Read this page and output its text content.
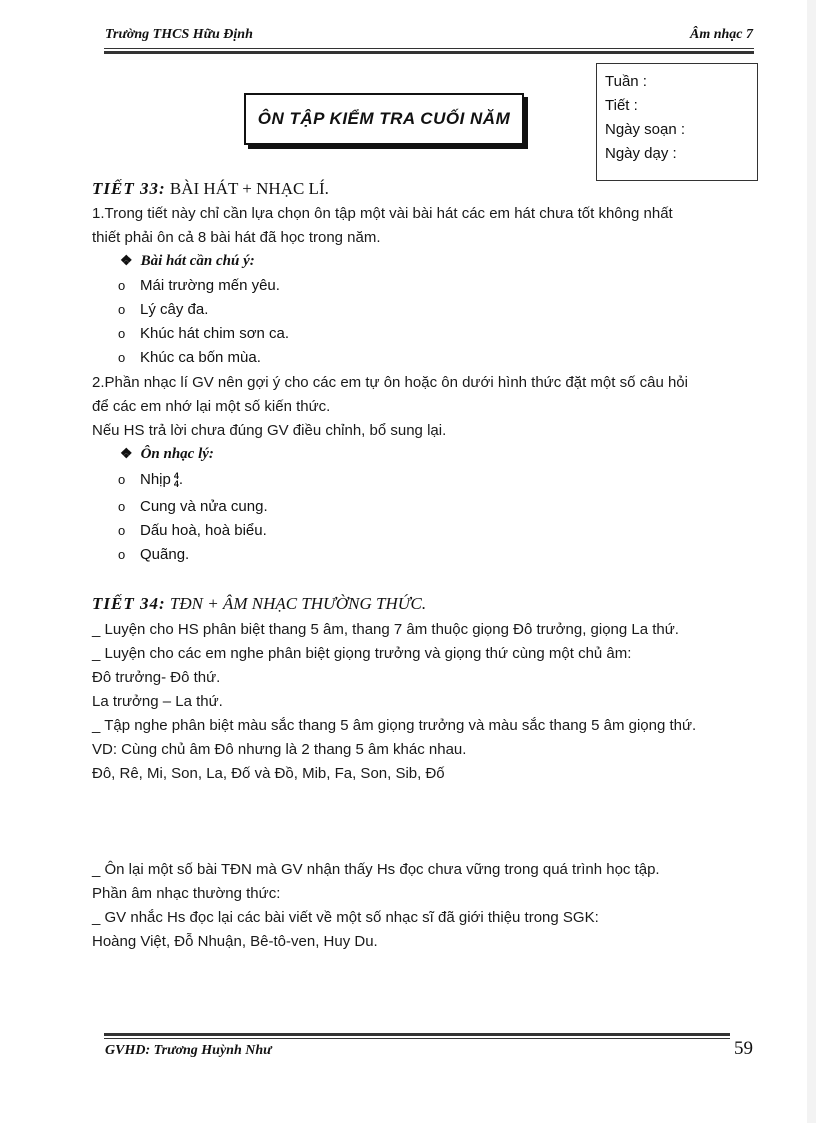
Trường THCS Hữu Định	Âm nhạc 7
ÔN TẬP KIỂM TRA CUỐI NĂM
Tuần :
Tiết :
Ngày soạn :
Ngày dạy :
TIẾT 33: BÀI HÁT + NHẠC LÍ.
1.Trong tiết này chỉ cần lựa chọn ôn tập một vài bài hát các em hát chưa tốt không nhất
thiết phải ôn cả 8 bài hát đã học trong năm.
❖ Bài hát cần chú ý:
o Mái trường mến yêu.
o Lý cây đa.
o Khúc hát chim sơn ca.
o Khúc ca bốn mùa.
2.Phần nhạc lí GV nên gợi ý cho các em tự ôn hoặc ôn dưới hình thức đặt một số câu hỏi
để các em nhớ lại một số kiến thức.
Nếu HS trả lời chưa đúng GV điều chỉnh, bổ sung lại.
❖ Ôn nhạc lý:
o Nhịp 4
4.
o Cung và nửa cung.
o Dấu hoà, hoà biểu.
o Quãng.
TIẾT 34: TĐN + ÂM NHẠC THƯỜNG THỨC.
_ Luyện cho HS phân biệt thang 5 âm, thang 7 âm thuộc giọng Đô trưởng, giọng La thứ.
_ Luyện cho các em nghe phân biệt giọng trưởng và giọng thứ cùng một chủ âm:
Đô trưởng- Đô thứ.
La trưởng – La thứ.
_ Tập nghe phân biệt màu sắc thang 5 âm giọng trưởng và màu sắc thang 5 âm giọng thứ.
VD: Cùng chủ âm Đô nhưng là 2 thang 5 âm khác nhau.
Đô, Rê, Mi, Son, La, Đố và Đồ, Mib, Fa, Son, Sib, Đố
_ Ôn lại một số bài TĐN mà GV nhận thấy Hs đọc chưa vững trong quá trình học tập.
Phần âm nhạc thường thức:
_ GV nhắc Hs đọc lại các bài viết về một số nhạc sĩ đã giới thiệu trong SGK:
Hoàng Việt, Đỗ Nhuận, Bê-tô-ven, Huy Du.
GVHD: Trương Huỳnh Như	59
